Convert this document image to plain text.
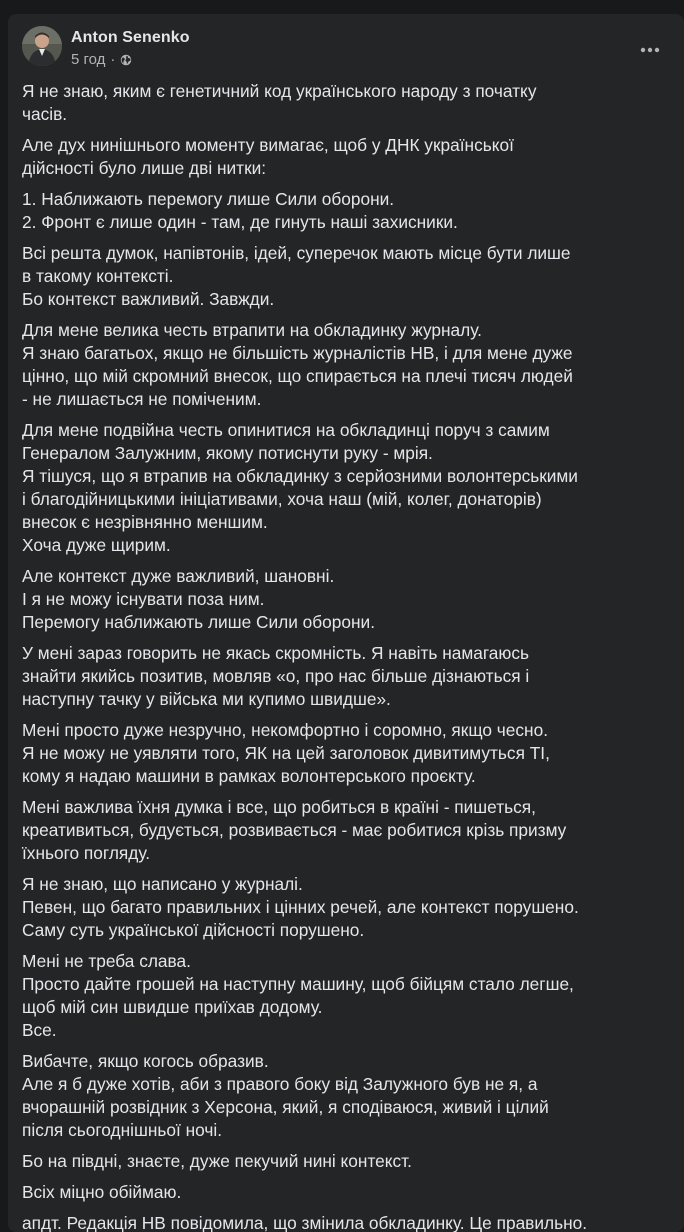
Anton Senenko
5 год ·
Я не знаю, яким є генетичний код українського народу з початку
часів.
Але дух нинішнього моменту вимагає, щоб у ДНК української
дійсності було лише дві нитки:
1. Наближають перемогу лише Сили оборони.
2. Фронт є лише один - там, де гинуть наші захисники.
Всі решта думок, напівтонів, ідей, суперечок мають місце бути лише
в такому контексті.
Бо контекст важливий. Завжди.
Для мене велика честь втрапити на обкладинку журналу.
Я знаю багатьох, якщо не більшість журналістів НВ, і для мене дуже
цінно, що мій скромний внесок, що спирається на плечі тисяч людей
- не лишається не поміченим.
Для мене подвійна честь опинитися на обкладинці поруч з самим
Генералом Залужним, якому потиснути руку - мрія.
Я тішуся, що я втрапив на обкладинку з серйозними волонтерськими
і благодійницькими ініціативами, хоча наш (мій, колег, донаторів)
внесок є незрівнянно меншим.
Хоча дуже щирим.
Але контекст дуже важливий, шановні.
І я не можу існувати поза ним.
Перемогу наближають лише Сили оборони.
У мені зараз говорить не якась скромність. Я навіть намагаюсь
знайти якийсь позитив, мовляв «о, про нас більше дізнаються і
наступну тачку у війська ми купимо швидше».
Мені просто дуже незручно, некомфортно і соромно, якщо чесно.
Я не можу не уявляти того, ЯК на цей заголовок дивитимуться ТІ,
кому я надаю машини в рамках волонтерського проєкту.
Мені важлива їхня думка і все, що робиться в країні - пишеться,
креативиться, будується, розвивається - має робитися крізь призму
їхнього погляду.
Я не знаю, що написано у журналі.
Певен, що багато правильних і цінних речей, але контекст порушено.
Саму суть української дійсності порушено.
Мені не треба слава.
Просто дайте грошей на наступну машину, щоб бійцям стало легше,
щоб мій син швидше приїхав додому.
Все.
Вибачте, якщо когось образив.
Але я б дуже хотів, аби з правого боку від Залужного був не я, а
вчорашній розвідник з Херсона, який, я сподіваюся, живий і цілий
після сьогоднішньої ночі.
Бо на півдні, знаєте, дуже пекучий нині контекст.
Всіх міцно обіймаю.
апдт. Редакція НВ повідомила, що змінила обкладинку. Це правильно.
